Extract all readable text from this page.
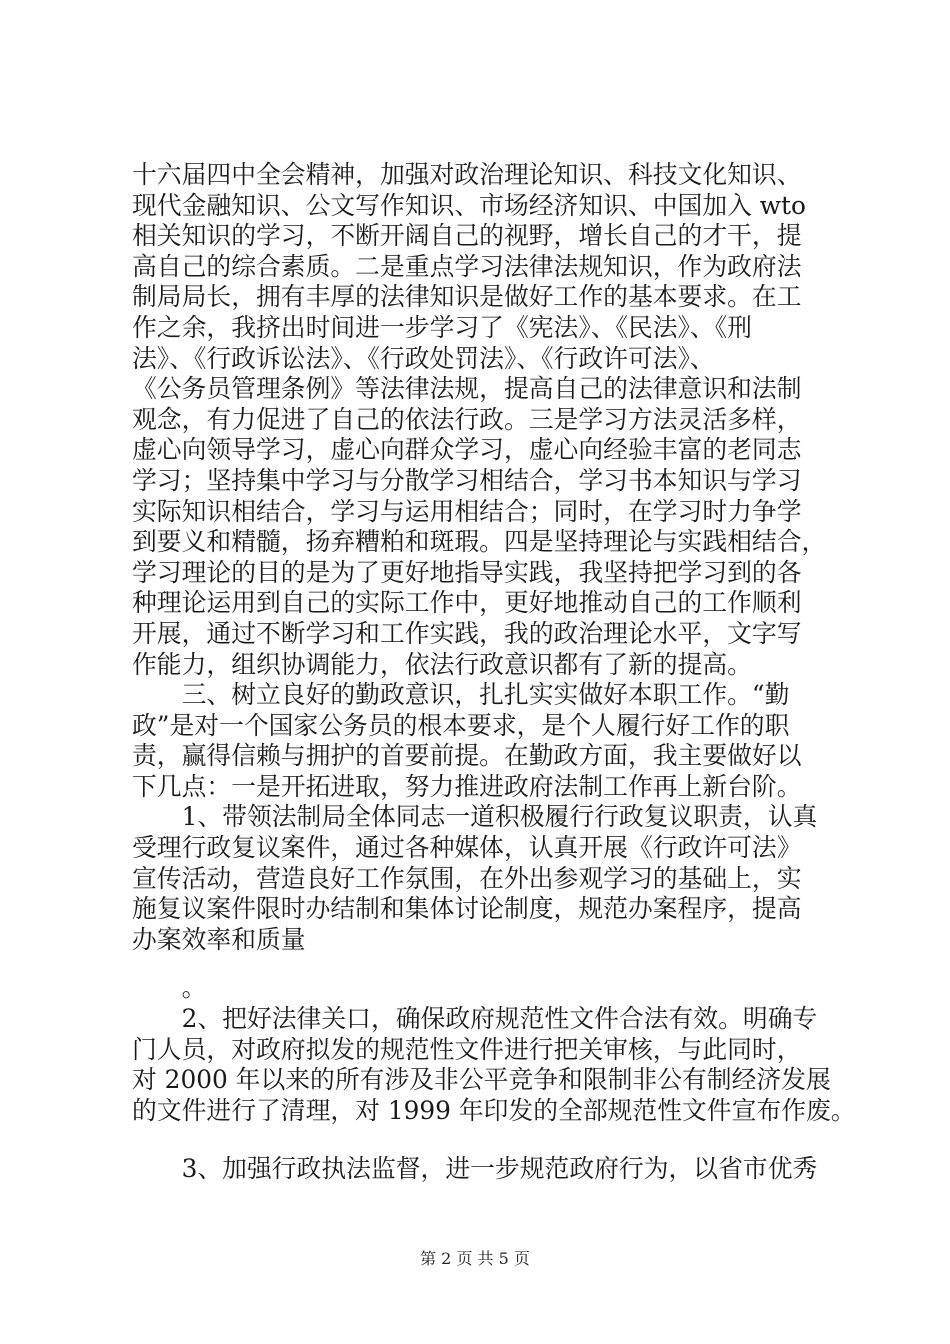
十六届四中全会精神，加强对政治理论知识、科技文化知识、
现代金融知识、公文写作知识、市场经济知识、中国加入 wto
相关知识的学习，不断开阔自己的视野，增长自己的才干，提
高自己的综合素质。二是重点学习法律法规知识，作为政府法
制局局长，拥有丰厚的法律知识是做好工作的基本要求。在工
作之余，我挤出时间进一步学习了《宪法》、《民法》、《刑
法》、《行政诉讼法》、《行政处罚法》、《行政许可法》、
《公务员管理条例》等法律法规，提高自己的法律意识和法制
观念，有力促进了自己的依法行政。三是学习方法灵活多样，
虚心向领导学习，虚心向群众学习，虚心向经验丰富的老同志
学习；坚持集中学习与分散学习相结合，学习书本知识与学习
实际知识相结合，学习与运用相结合；同时，在学习时力争学
到要义和精髓，扬弃糟粕和斑瑕。四是坚持理论与实践相结合，
学习理论的目的是为了更好地指导实践，我坚持把学习到的各
种理论运用到自己的实际工作中，更好地推动自己的工作顺利
开展，通过不断学习和工作实践，我的政治理论水平，文字写
作能力，组织协调能力，依法行政意识都有了新的提高。
　　三、树立良好的勤政意识，扎扎实实做好本职工作。“勤
政”是对一个国家公务员的根本要求，是个人履行好工作的职
责，赢得信赖与拥护的首要前提。在勤政方面，我主要做好以
下几点：一是开拓进取，努力推进政府法制工作再上新台阶。
　　1、带领法制局全体同志一道积极履行行政复议职责，认真
受理行政复议案件，通过各种媒体，认真开展《行政许可法》
宣传活动，营造良好工作氛围，在外出参观学习的基础上，实
施复议案件限时办结制和集体讨论制度，规范办案程序，提高
办案效率和质量
　　。
　　2、把好法律关口，确保政府规范性文件合法有效。明确专
门人员，对政府拟发的规范性文件进行把关审核，与此同时，
对 2000 年以来的所有涉及非公平竞争和限制非公有制经济发展
的文件进行了清理，对 1999 年印发的全部规范性文件宣布作废。
　　3、加强行政执法监督，进一步规范政府行为，以省市优秀
第 2 页 共 5 页
